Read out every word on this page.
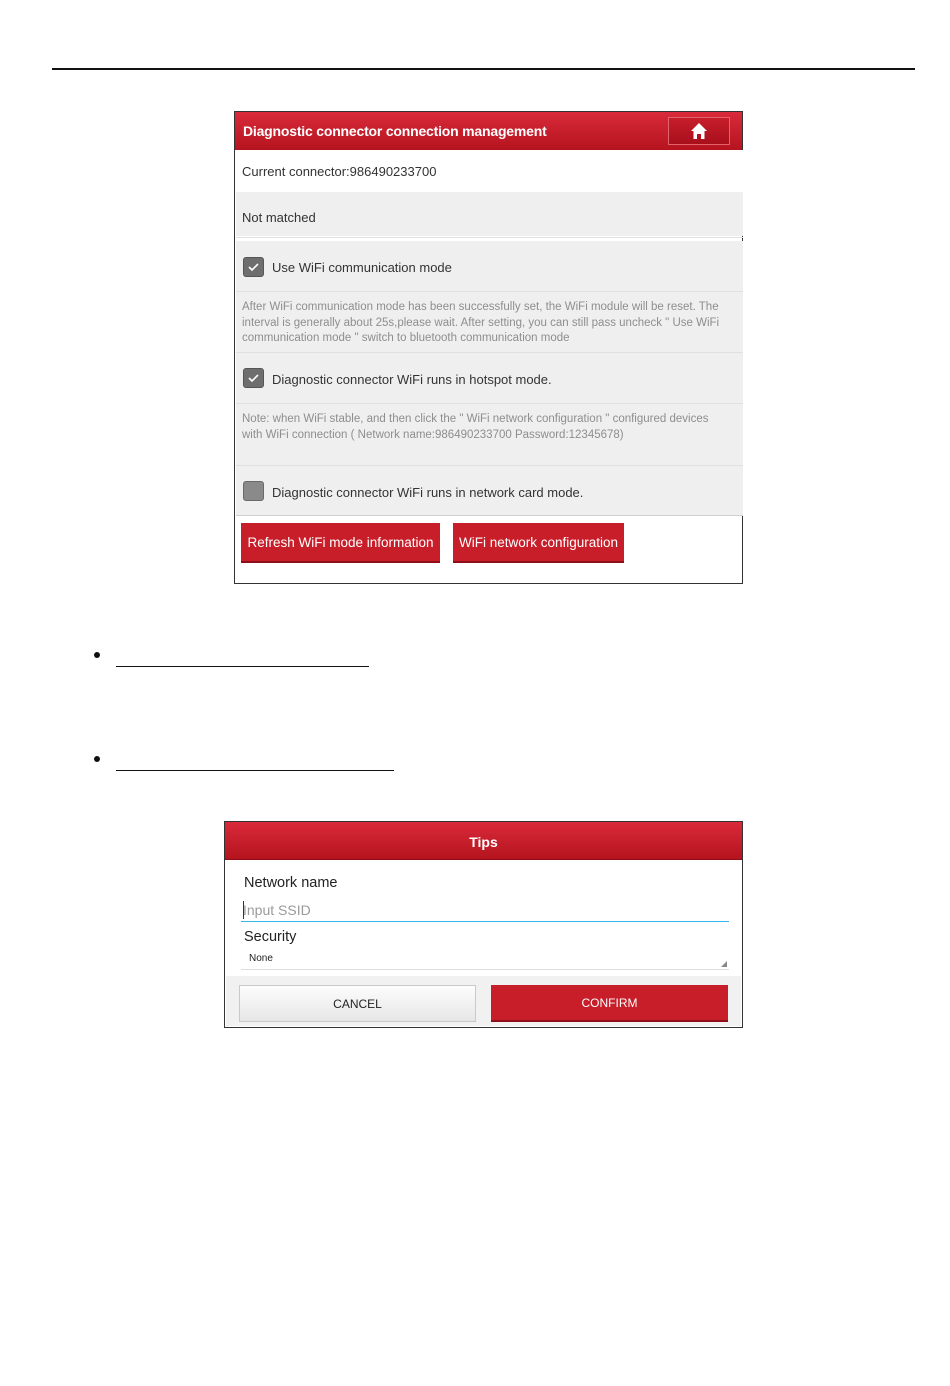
Diagnostic connector connection management
Current connector:986490233700
Not matched
Use WiFi communication mode
After WiFi communication mode has been successfully set, the WiFi module will be reset. The interval is generally about 25s,please wait. After setting, you can still pass uncheck " Use WiFi communication mode " switch to bluetooth communication mode
Diagnostic connector WiFi runs in hotspot mode.
Note: when WiFi stable, and then click the " WiFi network configuration " configured devices with WiFi connection ( Network name:986490233700 Password:12345678)
Diagnostic connector WiFi runs in network card mode.
Refresh WiFi mode information	WiFi network configuration
Tips
Network name
Input SSID
Security
None
CANCEL	CONFIRM
